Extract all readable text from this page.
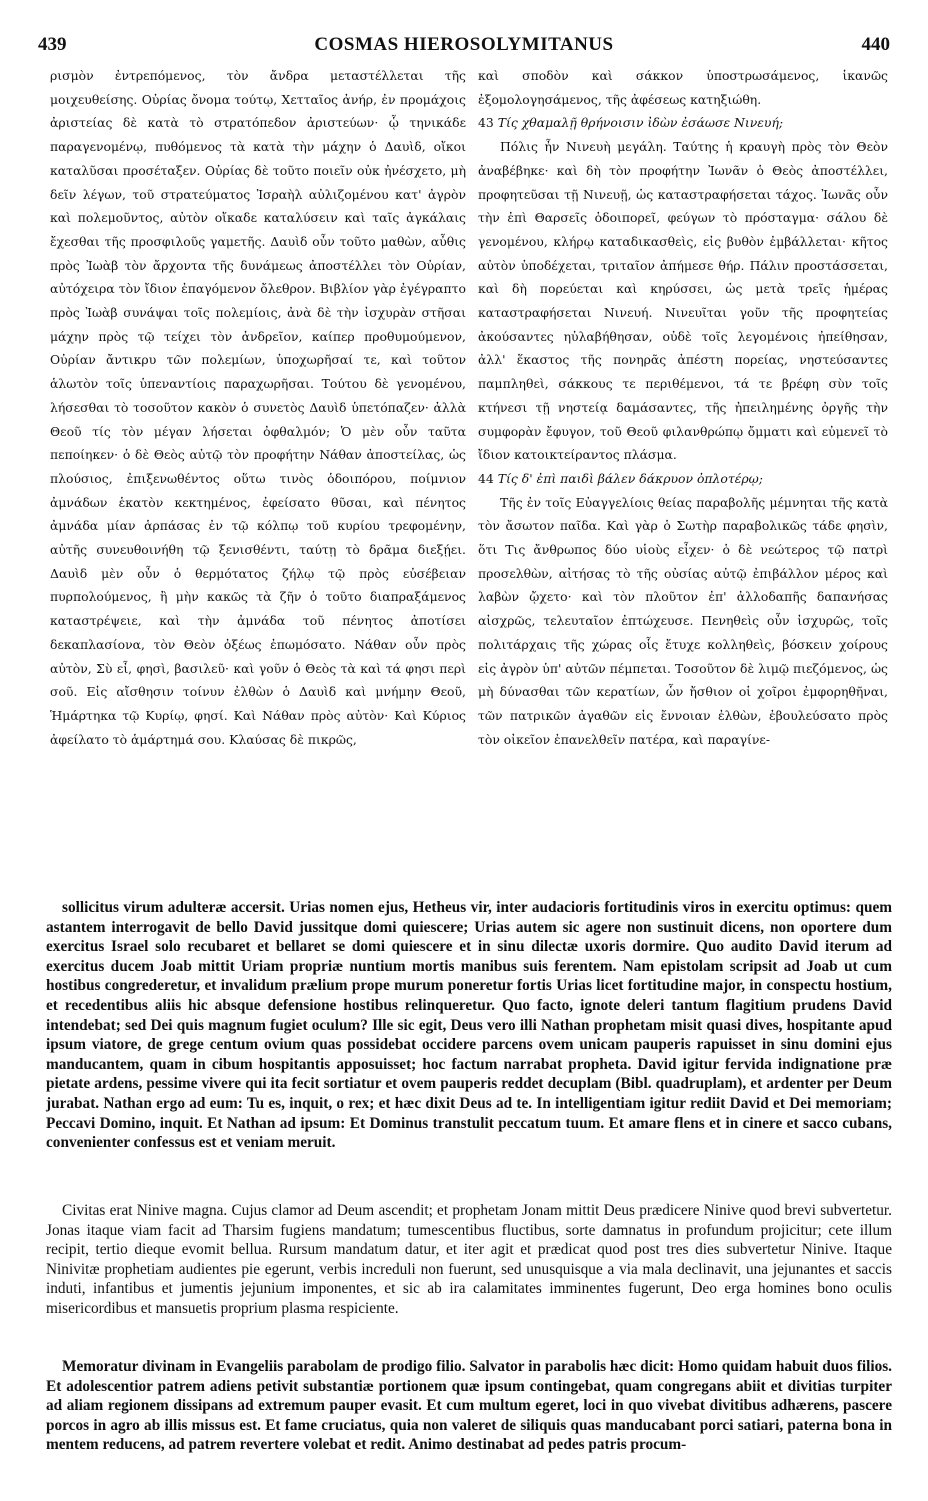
439	COSMAS HIEROSOLYMITANUS	440

ρισμὸν ἐντρεπόμενος, τὸν ἄνδρα μεταστέλλεται τῆς μοιχευθείσης. Οὐρίας ὄνομα τούτῳ, Χετταῖος ἀνήρ, ἐν προμάχοις ἀριστείας δὲ κατὰ τὸ στρατόπεδον ἀριστεύων· ᾧ τηνικάδε παραγενομένῳ, πυθόμενος τὰ κατὰ τὴν μάχην ὁ Δαυὶδ, οἴκοι καταλῦσαι προσέταξεν. Οὐρίας δὲ τοῦτο ποιεῖν οὐκ ἠνέσχετο, μὴ δεῖν λέγων, τοῦ στρατεύματος Ἰσραὴλ αὐλιζομένου κατ' ἀγρὸν καὶ πολεμοῦντος, αὐτὸν οἴκαδε καταλύσειν καὶ ταῖς ἀγκάλαις ἔχεσθαι τῆς προσφιλοῦς γαμετῆς. Δαυὶδ οὖν τοῦτο μαθὼν, αὖθις πρὸς Ἰωὰβ τὸν ἄρχοντα τῆς δυνάμεως ἀποστέλλει τὸν Οὐρίαν, αὐτόχειρα τὸν ἴδιον ἐπαγόμενον ὄλεθρον. Βιβλίον γὰρ ἐγέγραπτο πρὸς Ἰωὰβ συνάψαι τοῖς πολεμίοις, ἀνὰ δὲ τὴν ἰσχυρὰν στῆσαι μάχην πρὸς τῷ τείχει τὸν ἀνδρεῖον, καίπερ προθυμούμενον, Οὐρίαν ἄντικρυ τῶν πολεμίων, ὑποχωρῆσαί τε, καὶ τοῦτον ἁλωτὸν τοῖς ὑπεναντίοις παραχωρῆσαι. Τούτου δὲ γενομένου, λήσεσθαι τὸ τοσοῦτον κακὸν ὁ συνετὸς Δαυὶδ ὑπετόπαζεν· ἀλλὰ Θεοῦ τίς τὸν μέγαν λήσεται ὀφθαλμόν; Ὁ μὲν οὖν ταῦτα πεποίηκεν· ὁ δὲ Θεὸς αὐτῷ τὸν προφήτην Νάθαν ἀποστείλας, ὡς πλούσιος, ἐπιξενωθέντος οὕτω τινὸς ὁδοιπόρου, ποίμνιον ἀμνάδων ἑκατὸν κεκτημένος, ἐφείσατο θῦσαι, καὶ πένητος ἀμνάδα μίαν ἁρπάσας ἐν τῷ κόλπῳ τοῦ κυρίου τρεφομένην, αὐτῆς συνευθοινήθη τῷ ξενισθέντι, ταύτῃ τὸ δρᾶμα διεξῄει. Δαυὶδ μὲν οὖν ὁ θερμότατος ζήλῳ τῷ πρὸς εὐσέβειαν πυρπολούμενος, ἢ μὴν κακῶς τὰ ζῆν ὁ τοῦτο διαπραξάμενος καταστρέψειε, καὶ τὴν ἀμνάδα τοῦ πένητος ἀποτίσει δεκαπλασίονα, τὸν Θεὸν ὀξέως ἐπωμόσατο. Νάθαν οὖν πρὸς αὐτὸν, Σὺ εἶ, φησὶ, βασιλεῦ· καὶ γοῦν ὁ Θεὸς τὰ καὶ τά φησι περὶ σοῦ. Εἰς αἴσθησιν τοίνυν ἐλθὼν ὁ Δαυὶδ καὶ μνήμην Θεοῦ, Ἡμάρτηκα τῷ Κυρίῳ, φησί. Καὶ Νάθαν πρὸς αὐτὸν· Καὶ Κύριος ἀφείλατο τὸ ἁμάρτημά σου. Κλαύσας δὲ πικρῶς,

καὶ σποδὸν καὶ σάκκον ὑποστρωσάμενος, ἱκανῶς ἐξομολογησάμενος, τῆς ἀφέσεως κατηξιώθη.

43 Τίς χθαμαλῇ θρήνοισιν ἰδὼν ἐσάωσε Νινευή;

Πόλις ἦν Νινευὴ μεγάλη. Ταύτης ἡ κραυγὴ πρὸς τὸν Θεὸν ἀναβέβηκε· καὶ δὴ τὸν προφήτην Ἰωνᾶν ὁ Θεὸς ἀποστέλλει, προφητεῦσαι τῇ Νινευῇ, ὡς καταστραφήσεται τάχος. Ἰωνᾶς οὖν τὴν ἐπὶ Θαρσεῖς ὁδοιπορεῖ, φεύγων τὸ πρόσταγμα· σάλου δὲ γενομένου, κλήρῳ καταδικασθεὶς, εἰς βυθὸν ἐμβάλλεται· κῆτος αὐτὸν ὑποδέχεται, τριταῖον ἀπήμεσε θήρ. Πάλιν προστάσσεται, καὶ δὴ πορεύεται καὶ κηρύσσει, ὡς μετὰ τρεῖς ἡμέρας καταστραφήσεται Νινευή. Νινευῖται γοῦν τῆς προφητείας ἀκούσαντες ηὐλαβήθησαν, οὐδὲ τοῖς λεγομένοις ἠπείθησαν, ἀλλ' ἕκαστος τῆς πονηρᾶς ἀπέστη πορείας, νηστεύσαντες παμπληθεὶ, σάκκους τε περιθέμενοι, τά τε βρέφη σὺν τοῖς κτήνεσι τῇ νηστείᾳ δαμάσαντες, τῆς ἠπειλημένης ὀργῆς τὴν συμφορὰν ἔφυγον, τοῦ Θεοῦ φιλανθρώπῳ ὄμματι καὶ εὐμενεῖ τὸ ἴδιον κατοικτείραντος πλάσμα.

44 Τίς δ' ἐπὶ παιδὶ βάλεν δάκρυον ὀπλοτέρῳ;

Τῆς ἐν τοῖς Εὐαγγελίοις θείας παραβολῆς μέμνηται τῆς κατὰ τὸν ἄσωτον παῖδα. Καὶ γὰρ ὁ Σωτὴρ παραβολικῶς τάδε φησὶν, ὅτι Τις ἄνθρωπος δύο υἱοὺς εἶχεν· ὁ δὲ νεώτερος τῷ πατρὶ προσελθὼν, αἰτήσας τὸ τῆς οὐσίας αὐτῷ ἐπιβάλλον μέρος καὶ λαβὼν ᾤχετο· καὶ τὸν πλοῦτον ἐπ' ἀλλοδαπῆς δαπανήσας αἰσχρῶς, τελευταῖον ἐπτώχευσε. Πενηθεὶς οὖν ἰσχυρῶς, τοῖς πολιτάρχαις τῆς χώρας οἷς ἔτυχε κολληθεὶς, βόσκειν χοίρους εἰς ἀγρὸν ὑπ' αὐτῶν πέμπεται. Τοσοῦτον δὲ λιμῷ πιεζόμενος, ὡς μὴ δύνασθαι τῶν κερατίων, ὧν ἤσθιον οἱ χοῖροι ἐμφορηθῆναι, τῶν πατρικῶν ἀγαθῶν εἰς ἔννοιαν ἐλθὼν, ἐβουλεύσατο πρὸς τὸν οἰκεῖον ἐπανελθεῖν πατέρα, καὶ παραγίνε-

sollicitus virum adulteræ accersit. Urias nomen ejus, Hetheus vir, inter audacioris fortitudinis viros in exercitu optimus: quem astantem interrogavit de bello David jussitque domi quiescere; Urias autem sic agere non sustinuit dicens, non oportere dum exercitus Israel solo recubaret et bellaret se domi quiescere et in sinu dilectæ uxoris dormire. Quo audito David iterum ad exercitus ducem Joab mittit Uriam propriæ nuntium mortis manibus suis ferentem. Nam epistolam scripsit ad Joab ut cum hostibus congrederetur, et invalidum prælium prope murum poneretur fortis Urias licet fortitudine major, in conspectu hostium, et recedentibus aliis hic absque defensione hostibus relinqueretur. Quo facto, ignote deleri tantum flagitium prudens David intendebat; sed Dei quis magnum fugiet oculum? Ille sic egit, Deus vero illi Nathan prophetam misit quasi dives, hospitante apud ipsum viatore, de grege centum ovium quas possidebat occidere parcens ovem unicam pauperis rapuisset in sinu domini ejus manducantem, quam in cibum hospitantis apposuisset; hoc factum narrabat propheta. David igitur fervida indignatione præ pietate ardens, pessime vivere qui ita fecit sortiatur et ovem pauperis reddet decuplam (Bibl. quadruplam), et ardenter per Deum jurabat. Nathan ergo ad eum: Tu es, inquit, o rex; et hæc dixit Deus ad te. In intelligentiam igitur rediit David et Dei memoriam; Peccavi Domino, inquit. Et Nathan ad ipsum: Et Dominus transtulit peccatum tuum. Et amare flens et in cinere et sacco cubans, convenienter confessus est et veniam meruit.

Civitas erat Ninive magna. Cujus clamor ad Deum ascendit; et prophetam Jonam mittit Deus prædicere Ninive quod brevi subvertetur. Jonas itaque viam facit ad Tharsim fugiens mandatum; tumescentibus fluctibus, sorte damnatus in profundum projicitur; cete illum recipit, tertio dieque evomit bellua. Rursum mandatum datur, et iter agit et prædicat quod post tres dies subvertetur Ninive. Itaque Ninivitæ prophetiam audientes pie egerunt, verbis increduli non fuerunt, sed unusquisque a via mala declinavit, una jejunantes et saccis induti, infantibus et jumentis jejunium imponentes, et sic ab ira calamitates imminentes fugerunt, Deo erga homines bono oculis misericordibus et mansuetis proprium plasma respiciente.

Memoratur divinam in Evangeliis parabolam de prodigo filio. Salvator in parabolis hæc dicit: Homo quidam habuit duos filios. Et adolescentior patrem adiens petivit substantiæ portionem quæ ipsum contingebat, quam congregans abiit et divitias turpiter ad aliam regionem dissipans ad extremum pauper evasit. Et cum multum egeret, loci in quo vivebat divitibus adhærens, pascere porcos in agro ab illis missus est. Et fame cruciatus, quia non valeret de siliquis quas manducabant porci satiari, paterna bona in mentem reducens, ad patrem revertere volebat et redit. Animo destinabat ad pedes patris procum-
